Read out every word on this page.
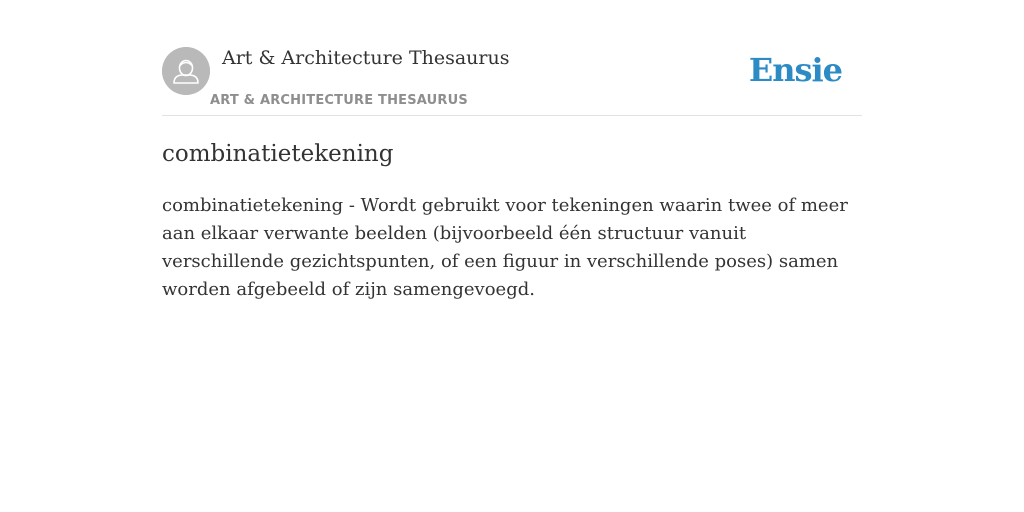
Art & Architecture Thesaurus
ART & ARCHITECTURE THESAURUS
Ensie
combinatietekening

combinatietekening - Wordt gebruikt voor tekeningen waarin twee of meer aan elkaar verwante beelden (bijvoorbeeld één structuur vanuit verschillende gezichtspunten, of een figuur in verschillende poses) samen worden afgebeeld of zijn samengevoegd.
